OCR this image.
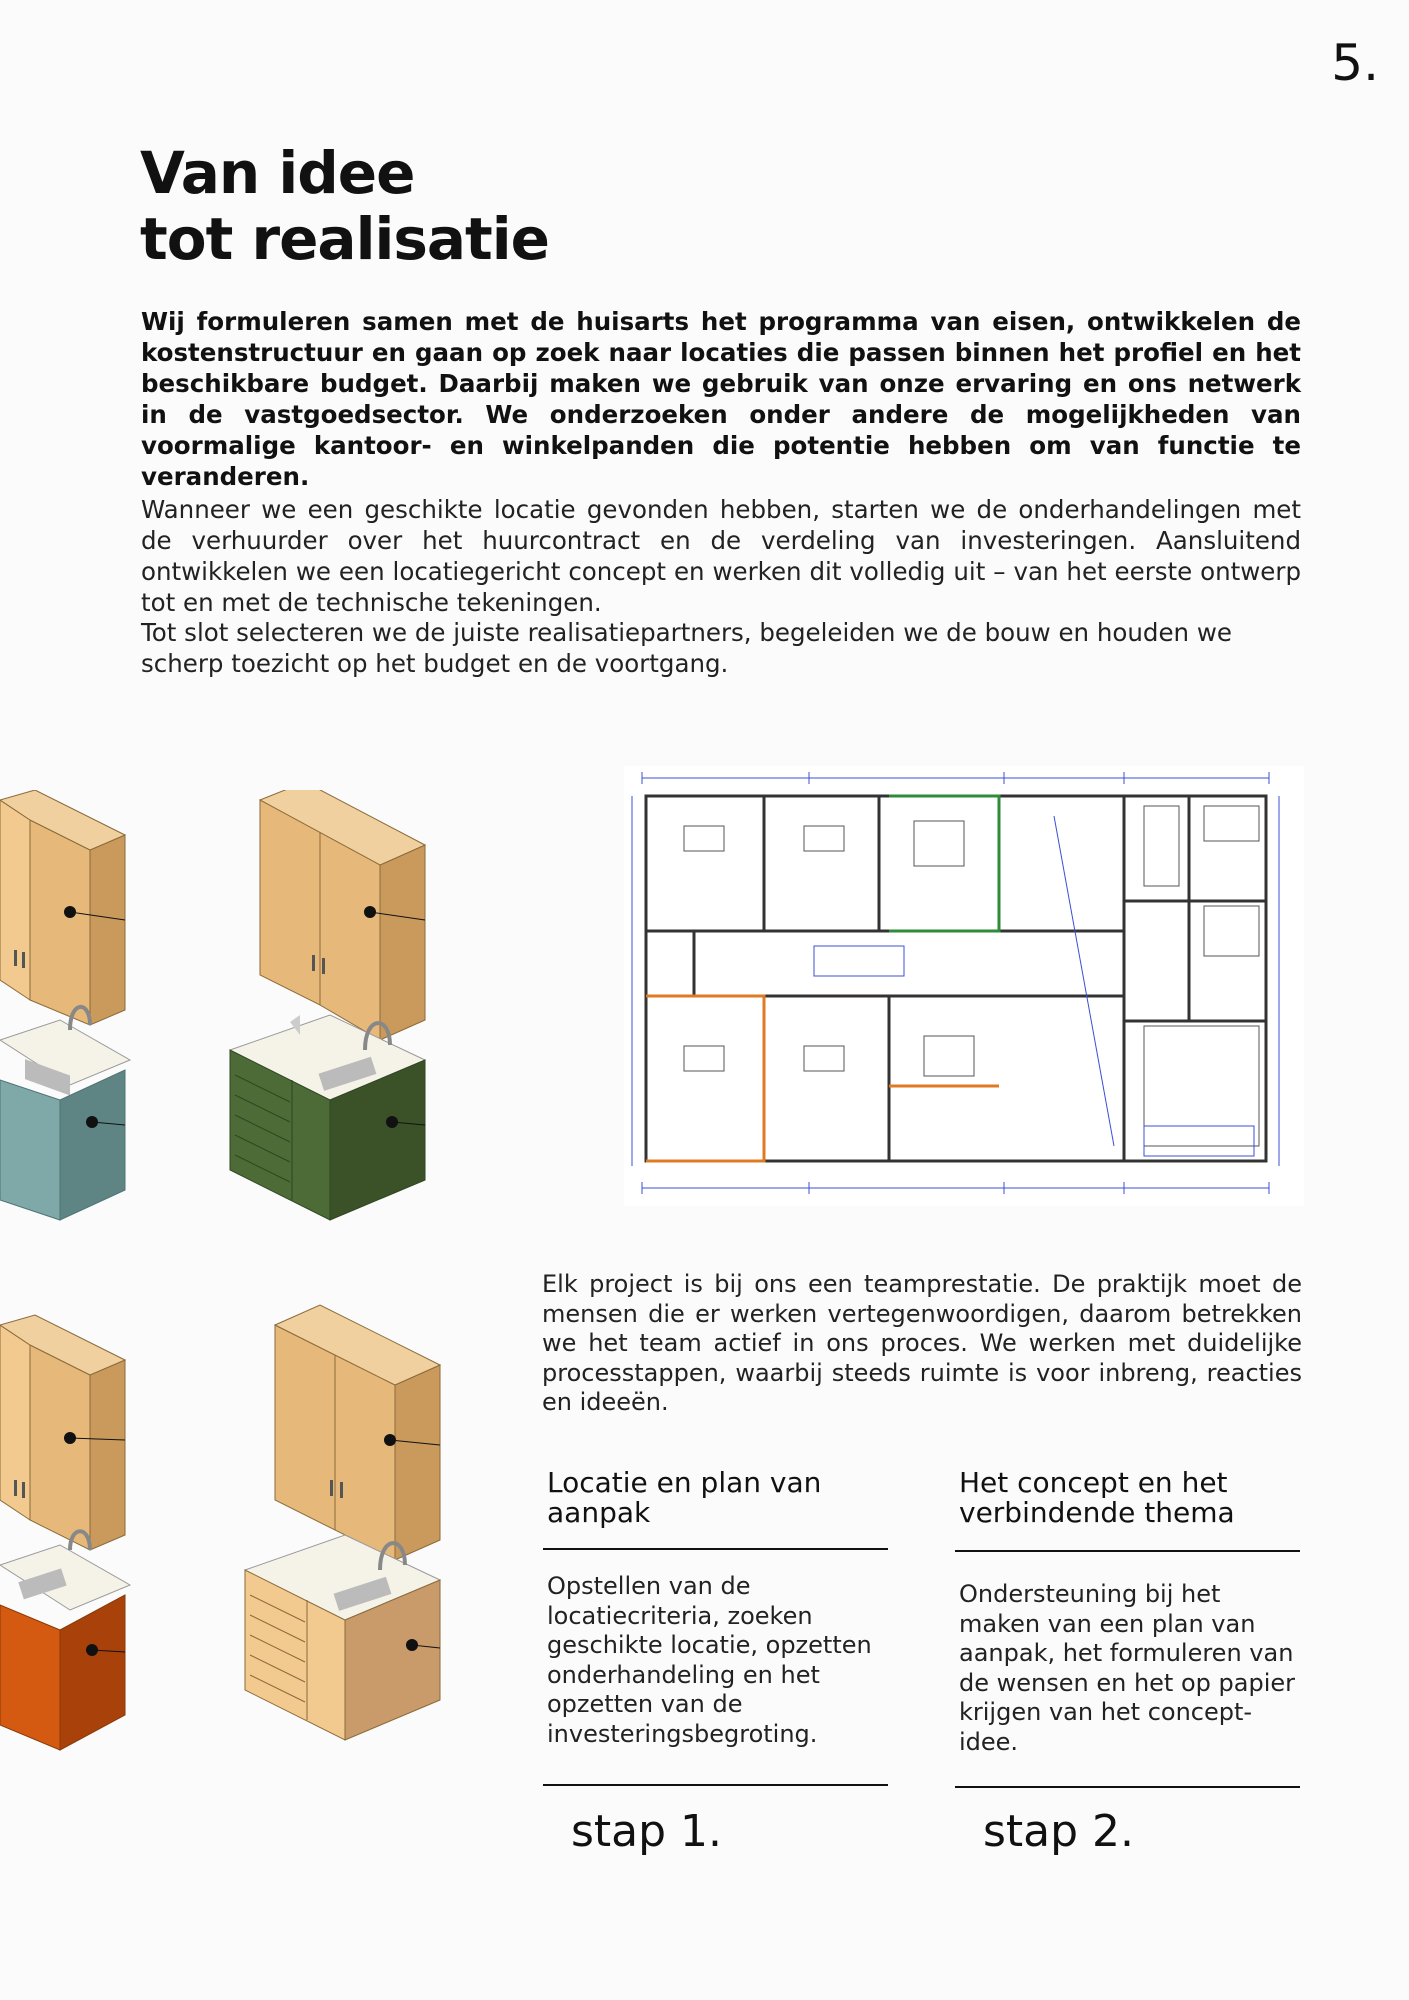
5.
Van idee
tot realisatie

Wij formuleren samen met de huisarts het programma van eisen, ontwikkelen de kostenstructuur en gaan op zoek naar locaties die passen binnen het profiel en het beschikbare budget. Daarbij maken we gebruik van onze ervaring en ons netwerk in de vastgoedsector. We onderzoeken onder andere de mogelijkheden van voormalige kantoor- en winkelpanden die potentie hebben om van functie te veranderen.

Wanneer we een geschikte locatie gevonden hebben, starten we de onderhandelingen met de verhuurder over het huurcontract en de verdeling van investeringen. Aansluitend ontwikkelen we een locatiegericht concept en werken dit volledig uit – van het eerste ontwerp tot en met de technische tekeningen.

Tot slot selecteren we de juiste realisatiepartners, begeleiden we de bouw en houden we scherp toezicht op het budget en de voortgang.

Elk project is bij ons een teamprestatie. De praktijk moet de mensen die er werken vertegenwoordigen, daarom betrekken we het team actief in ons proces. We werken met duidelijke processtappen, waarbij steeds ruimte is voor inbreng, reacties en ideeën.

Locatie en plan van aanpak

Opstellen van de locatiecriteria, zoeken geschikte locatie, opzetten onderhandeling en het opzetten van de investeringsbegroting.

stap 1.

Het concept en het verbindende thema

Ondersteuning bij het maken van een plan van aanpak, het formuleren van de wensen en het op papier krijgen van het concept-idee.

stap 2.
